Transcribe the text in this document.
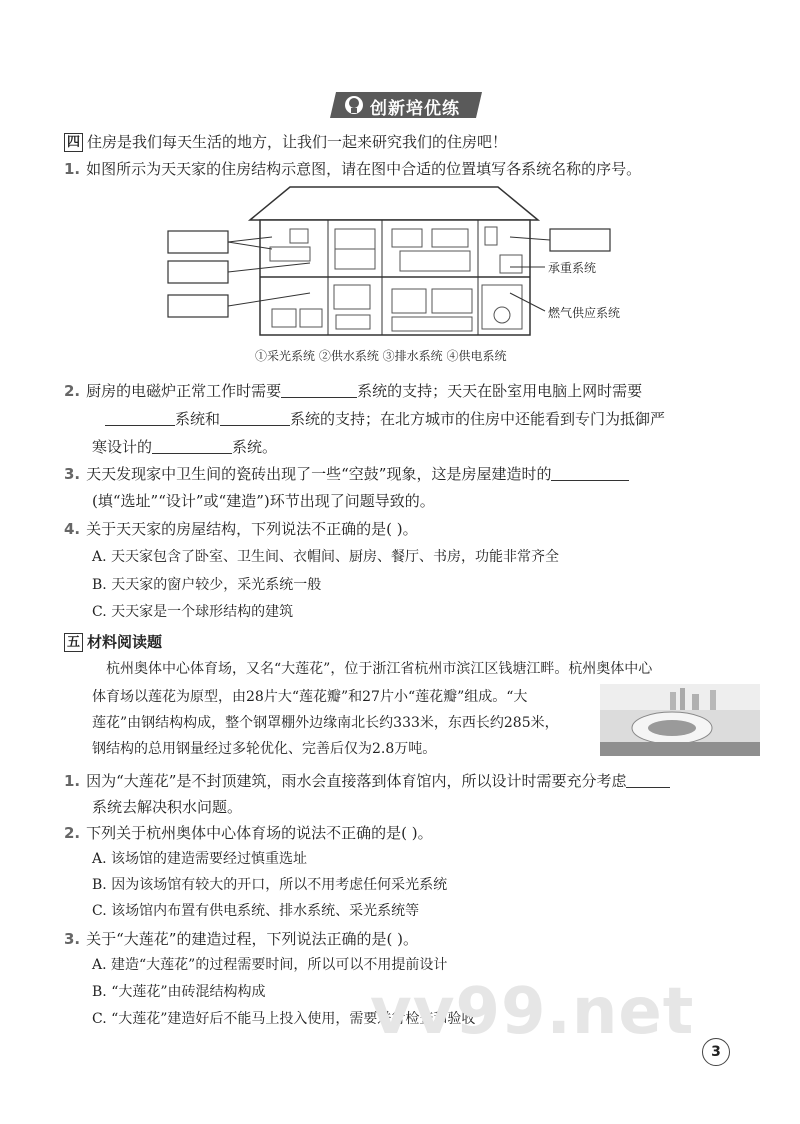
创新培优练
四 住房是我们每天生活的地方，让我们一起来研究我们的住房吧！
1. 如图所示为天天家的住房结构示意图，请在图中合适的位置填写各系统名称的序号。
承重系统
燃气供应系统
①采光系统 ②供水系统 ③排水系统 ④供电系统
2. 厨房的电磁炉正常工作时需要	系统的支持；天天在卧室用电脑上网时需要
系统和	系统的支持；在北方城市的住房中还能看到专门为抵御严
寒设计的	系统。
3. 天天发现家中卫生间的瓷砖出现了一些“空鼓”现象，这是房屋建造时的
(填“选址”“设计”或“建造”)环节出现了问题导致的。
4. 关于天天家的房屋结构，下列说法不正确的是( )。
A. 天天家包含了卧室、卫生间、衣帽间、厨房、餐厅、书房，功能非常齐全
B. 天天家的窗户较少，采光系统一般
C. 天天家是一个球形结构的建筑
五 材料阅读题
杭州奥体中心体育场，又名“大莲花”，位于浙江省杭州市滨江区钱塘江畔。杭州奥体中心
体育场以莲花为原型，由28片大“莲花瓣”和27片小“莲花瓣”组成。“大
莲花”由钢结构构成，整个钢罩棚外边缘南北长约333米，东西长约285米，
钢结构的总用钢量经过多轮优化、完善后仅为2.8万吨。
1. 因为“大莲花”是不封顶建筑，雨水会直接落到体育馆内，所以设计时需要充分考虑
系统去解决积水问题。
2. 下列关于杭州奥体中心体育场的说法不正确的是( )。
A. 该场馆的建造需要经过慎重选址
B. 因为该场馆有较大的开口，所以不用考虑任何采光系统
C. 该场馆内布置有供电系统、排水系统、采光系统等
3. 关于“大莲花”的建造过程，下列说法正确的是( )。
A. 建造“大莲花”的过程需要时间，所以可以不用提前设计
B. “大莲花”由砖混结构构成
C. “大莲花”建造好后不能马上投入使用，需要进行检查和验收
vv99.net
3
